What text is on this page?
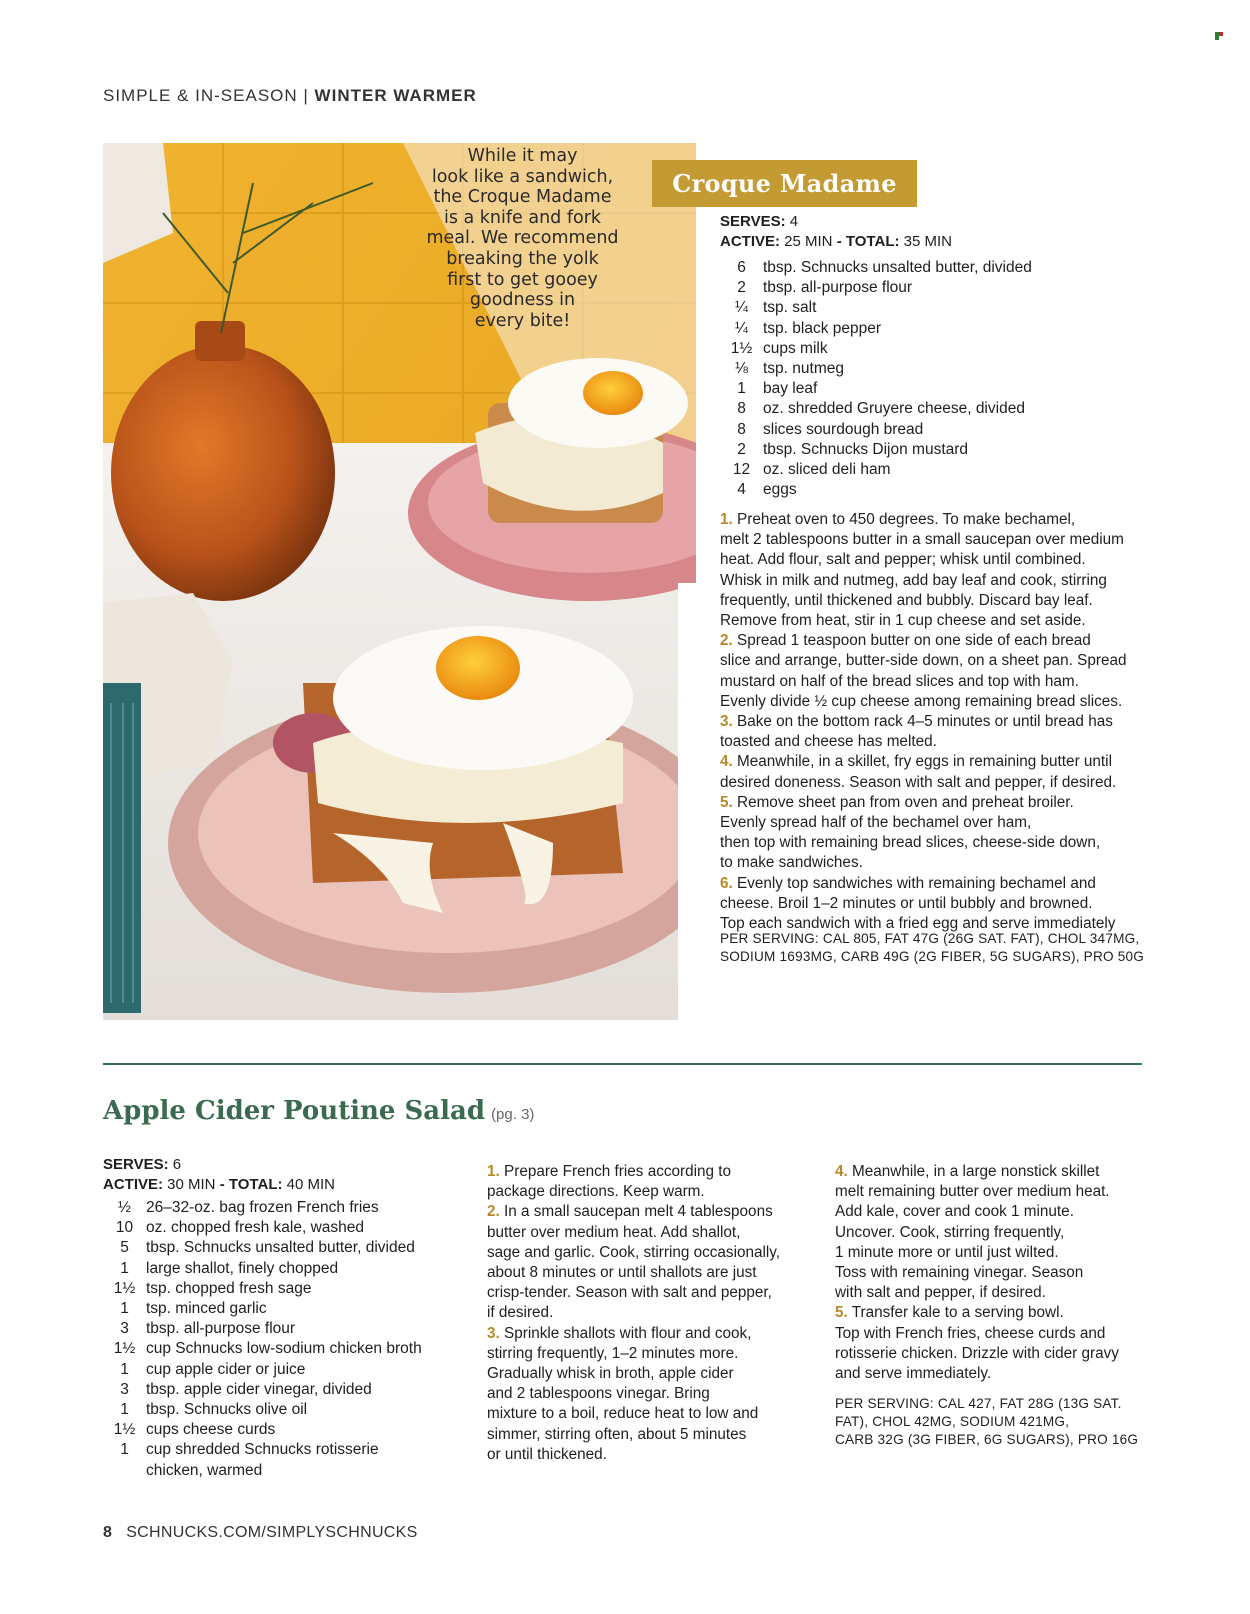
SIMPLE & IN-SEASON | WINTER WARMER
While it may
look like a sandwich,
the Croque Madame
is a knife and fork
meal. We recommend
breaking the yolk
first to get gooey
goodness in
every bite!
Croque Madame
SERVES: 4
ACTIVE: 25 MIN - TOTAL: 35 MIN
6	tbsp. Schnucks unsalted butter, divided
2	tbsp. all-purpose flour
¼ tsp. salt
¼ tsp. black pepper
1½ cups milk
⅛ tsp. nutmeg
1	bay leaf
8	oz. shredded Gruyere cheese, divided
8	slices sourdough bread
2	tbsp. Schnucks Dijon mustard
12 oz. sliced deli ham
4	eggs
1. Preheat oven to 450 degrees. To make bechamel,
melt 2 tablespoons butter in a small saucepan over medium
heat. Add flour, salt and pepper; whisk until combined.
Whisk in milk and nutmeg, add bay leaf and cook, stirring
frequently, until thickened and bubbly. Discard bay leaf.
Remove from heat, stir in 1 cup cheese and set aside.
2. Spread 1 teaspoon butter on one side of each bread
slice and arrange, butter-side down, on a sheet pan. Spread
mustard on half of the bread slices and top with ham.
Evenly divide ½ cup cheese among remaining bread slices.
3. Bake on the bottom rack 4–5 minutes or until bread has
toasted and cheese has melted.
4. Meanwhile, in a skillet, fry eggs in remaining butter until
desired doneness. Season with salt and pepper, if desired.
5. Remove sheet pan from oven and preheat broiler.
Evenly spread half of the bechamel over ham,
then top with remaining bread slices, cheese-side down,
to make sandwiches.
6. Evenly top sandwiches with remaining bechamel and
cheese. Broil 1–2 minutes or until bubbly and browned.
Top each sandwich with a fried egg and serve immediately
PER SERVING: CAL 805, FAT 47G (26G SAT. FAT), CHOL 347MG,
SODIUM 1693MG, CARB 49G (2G FIBER, 5G SUGARS), PRO 50G
Apple Cider Poutine Salad (pg. 3)
SERVES: 6
ACTIVE: 30 MIN - TOTAL: 40 MIN
½ 26–32-oz. bag frozen French fries
10 oz. chopped fresh kale, washed
5	tbsp. Schnucks unsalted butter, divided
1	large shallot, finely chopped
1½ tsp. chopped fresh sage
1	tsp. minced garlic
3	tbsp. all-purpose flour
1½ cup Schnucks low-sodium chicken broth
1	cup apple cider or juice
3	tbsp. apple cider vinegar, divided
1	tbsp. Schnucks olive oil
1½ cups cheese curds
1	cup shredded Schnucks rotisserie
chicken, warmed
1. Prepare French fries according to
package directions. Keep warm.
2. In a small saucepan melt 4 tablespoons
butter over medium heat. Add shallot,
sage and garlic. Cook, stirring occasionally,
about 8 minutes or until shallots are just
crisp-tender. Season with salt and pepper,
if desired.
3. Sprinkle shallots with flour and cook,
stirring frequently, 1–2 minutes more.
Gradually whisk in broth, apple cider
and 2 tablespoons vinegar. Bring
mixture to a boil, reduce heat to low and
simmer, stirring often, about 5 minutes
or until thickened.
4. Meanwhile, in a large nonstick skillet
melt remaining butter over medium heat.
Add kale, cover and cook 1 minute.
Uncover. Cook, stirring frequently,
1 minute more or until just wilted.
Toss with remaining vinegar. Season
with salt and pepper, if desired.
5. Transfer kale to a serving bowl.
Top with French fries, cheese curds and
rotisserie chicken. Drizzle with cider gravy
and serve immediately.
PER SERVING: CAL 427, FAT 28G (13G SAT.
FAT), CHOL 42MG, SODIUM 421MG,
CARB 32G (3G FIBER, 6G SUGARS), PRO 16G
8 SCHNUCKS.COM/SIMPLYSCHNUCKS
